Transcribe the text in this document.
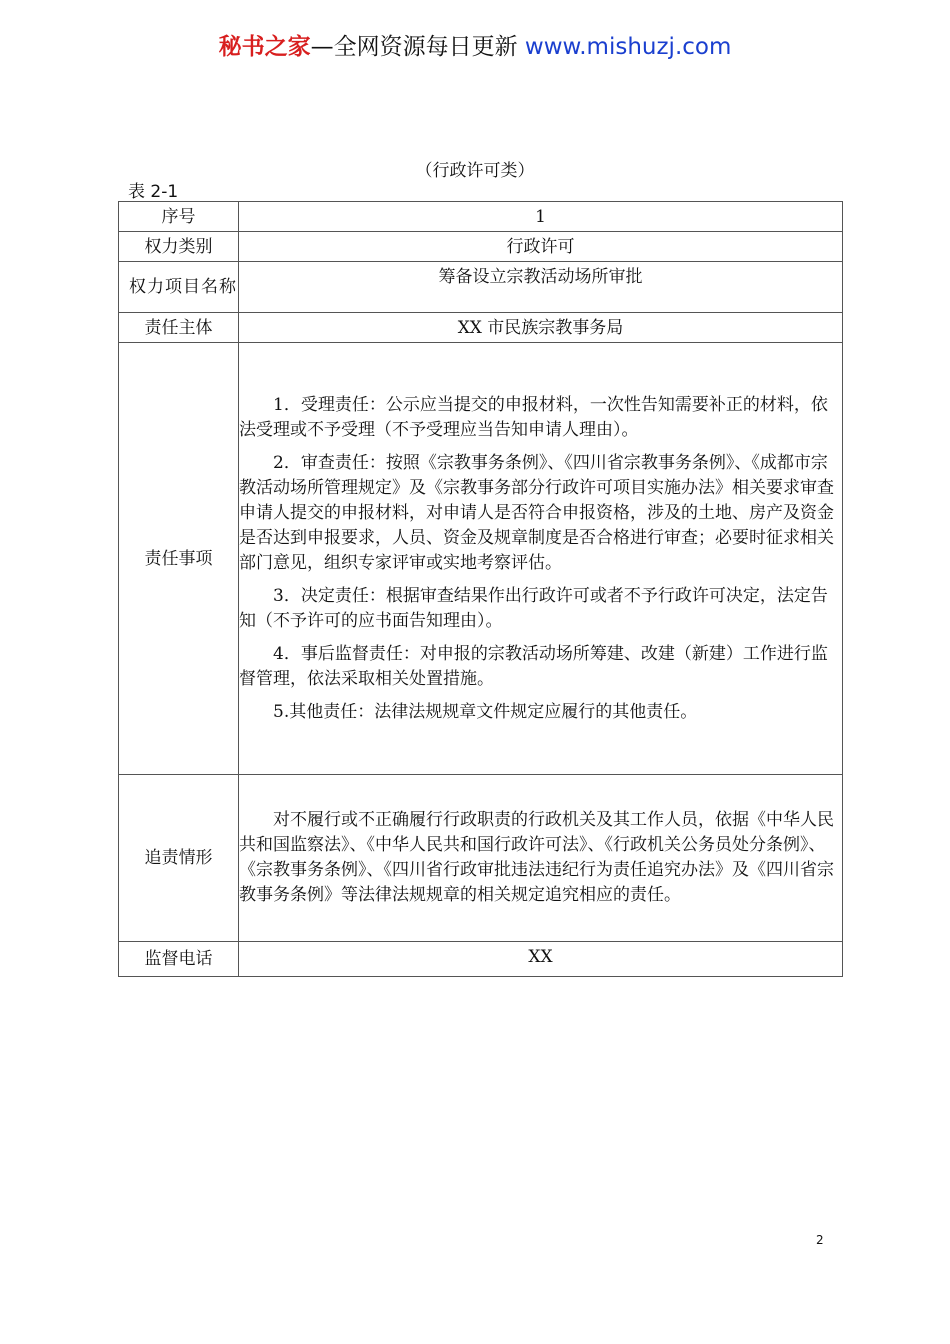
秘书之家—全网资源每日更新 www.mishuzj.com
（行政许可类）
表 2-1
序号	1
权力类别	行政许可
权力项目名称	筹备设立宗教活动场所审批
责任主体	XX 市民族宗教事务局
责任事项	1．受理责任：公示应当提交的申报材料，一次性告知需要补正的材料，依法受理或不予受理（不予受理应当告知申请人理由）。

2．审查责任：按照《宗教事务条例》、《四川省宗教事务条例》、《成都市宗教活动场所管理规定》及《宗教事务部分行政许可项目实施办法》相关要求审查申请人提交的申报材料，对申请人是否符合申报资格，涉及的土地、房产及资金是否达到申报要求，人员、资金及规章制度是否合格进行审查；必要时征求相关部门意见，组织专家评审或实地考察评估。

3．决定责任：根据审查结果作出行政许可或者不予行政许可决定，法定告知（不予许可的应书面告知理由）。

4．事后监督责任：对申报的宗教活动场所筹建、改建（新建）工作进行监督管理，依法采取相关处置措施。

5.其他责任：法律法规规章文件规定应履行的其他责任。

追责情形	对不履行或不正确履行行政职责的行政机关及其工作人员，依据《中华人民共和国监察法》、《中华人民共和国行政许可法》、《行政机关公务员处分条例》、 《宗教事务条例》、《四川省行政审批违法违纪行为责任追究办法》及《四川省宗教事务条例》等法律法规规章的相关规定追究相应的责任。

监督电话	XX
2
